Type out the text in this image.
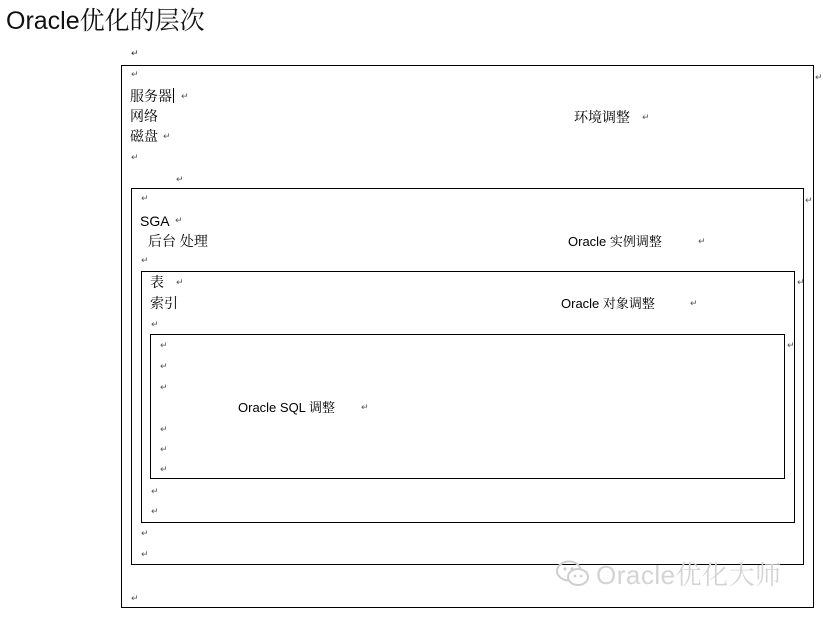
Oracle优化的层次
↵
↵
服务器	↵
网络
磁盘 ↵
↵
↵
环境调整 ↵
↵
↵
↵
SGA ↵
后台 处理
↵
Oracle 实例调整	↵
↵
↵
↵
表 ↵
索引
↵
Oracle 对象调整	↵
↵
↵
↵
↵
↵
↵
Oracle SQL 调整	↵
↵
↵
↵
↵
Oracle优化大师
